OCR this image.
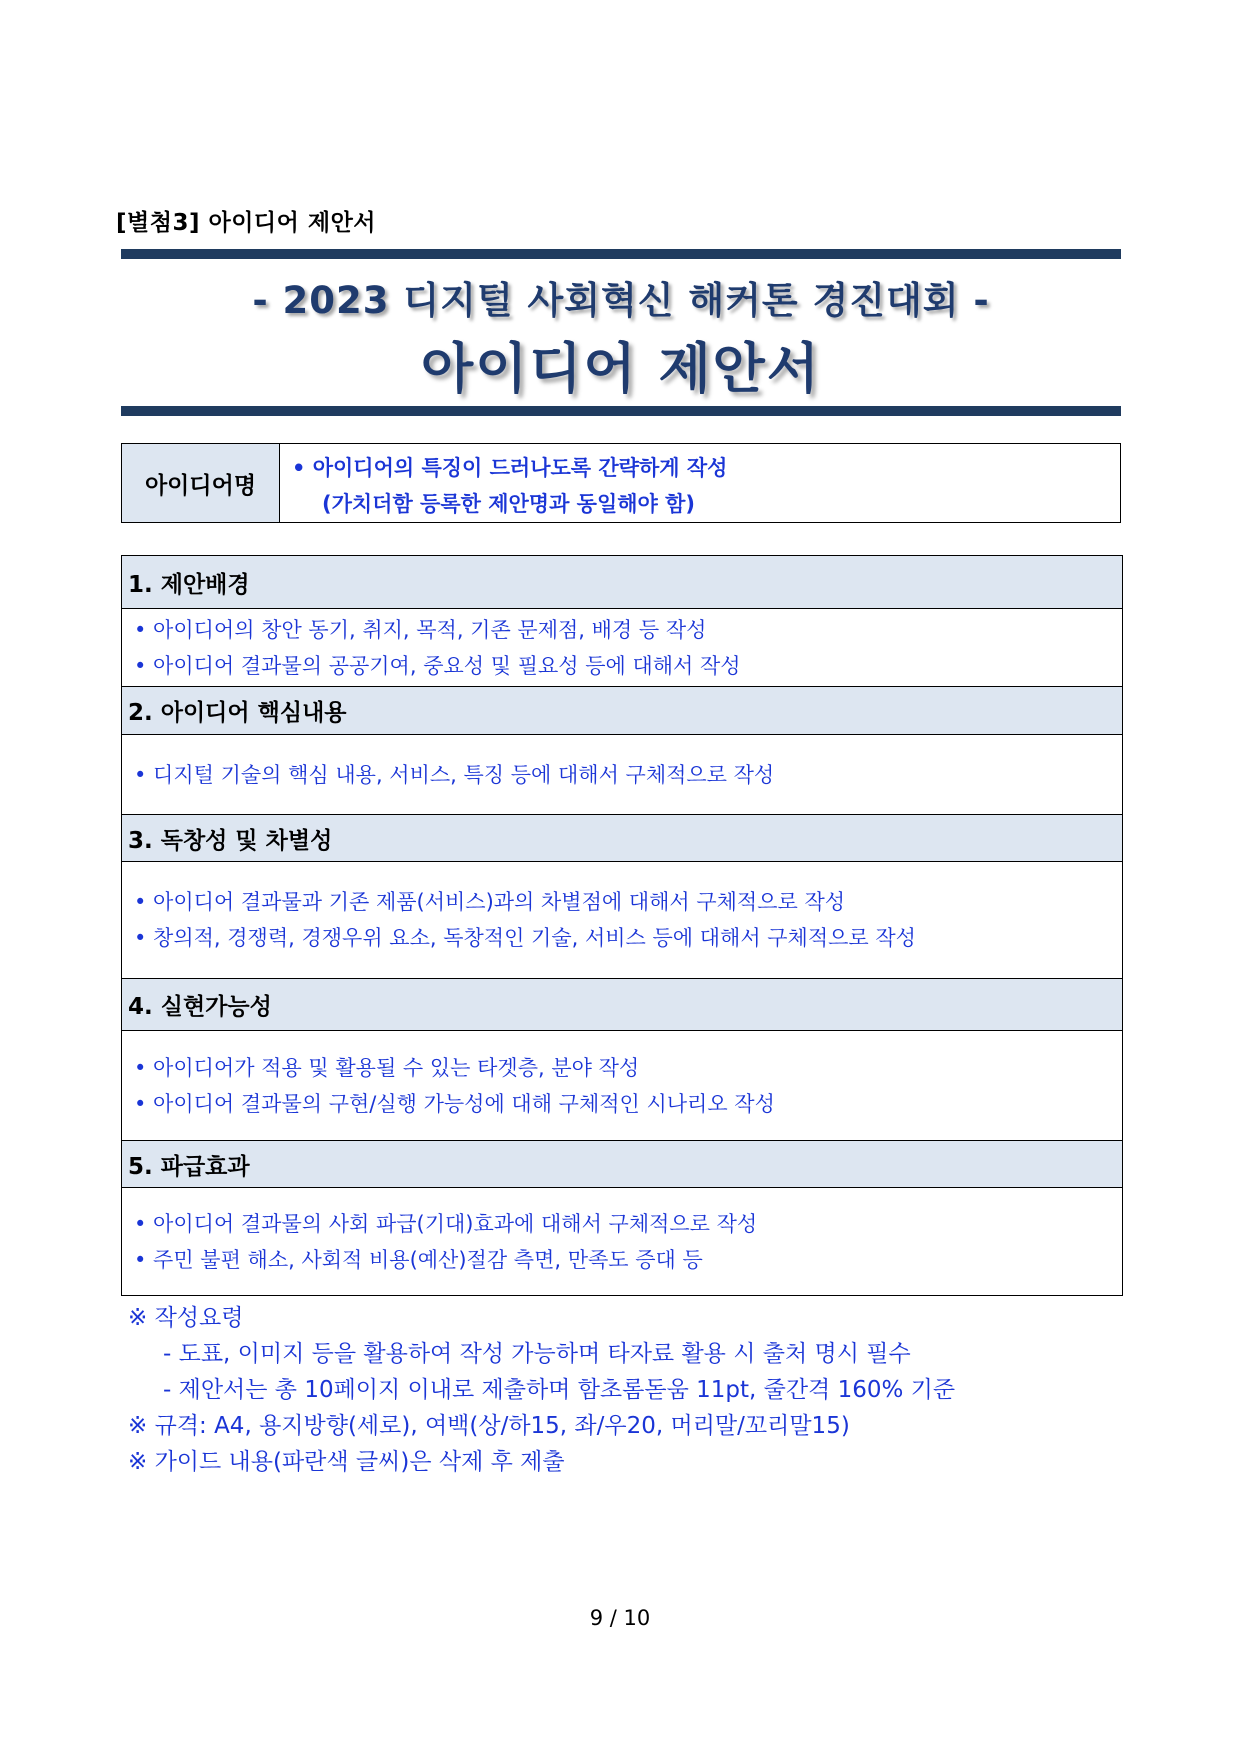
[별첨3] 아이디어 제안서
- 2023 디지털 사회혁신 해커톤 경진대회 -
아이디어 제안서
아이디어명
• 아이디어의 특징이 드러나도록 간략하게 작성
(가치더함 등록한 제안명과 동일해야 함)
1. 제안배경
• 아이디어의 창안 동기, 취지, 목적, 기존 문제점, 배경 등 작성
• 아이디어 결과물의 공공기여, 중요성 및 필요성 등에 대해서 작성
2. 아이디어 핵심내용
• 디지털 기술의 핵심 내용, 서비스, 특징 등에 대해서 구체적으로 작성
3. 독창성 및 차별성
• 아이디어 결과물과 기존 제품(서비스)과의 차별점에 대해서 구체적으로 작성
• 창의적, 경쟁력, 경쟁우위 요소, 독창적인 기술, 서비스 등에 대해서 구체적으로 작성
4. 실현가능성
• 아이디어가 적용 및 활용될 수 있는 타겟층, 분야 작성
• 아이디어 결과물의 구현/실행 가능성에 대해 구체적인 시나리오 작성
5. 파급효과
• 아이디어 결과물의 사회 파급(기대)효과에 대해서 구체적으로 작성
• 주민 불편 해소, 사회적 비용(예산)절감 측면, 만족도 증대 등
※ 작성요령
- 도표, 이미지 등을 활용하여 작성 가능하며 타자료 활용 시 출처 명시 필수
- 제안서는 총 10페이지 이내로 제출하며 함초롬돋움 11pt, 줄간격 160% 기준
※ 규격: A4, 용지방향(세로), 여백(상/하15, 좌/우20, 머리말/꼬리말15)
※ 가이드 내용(파란색 글씨)은 삭제 후 제출
9 / 10
